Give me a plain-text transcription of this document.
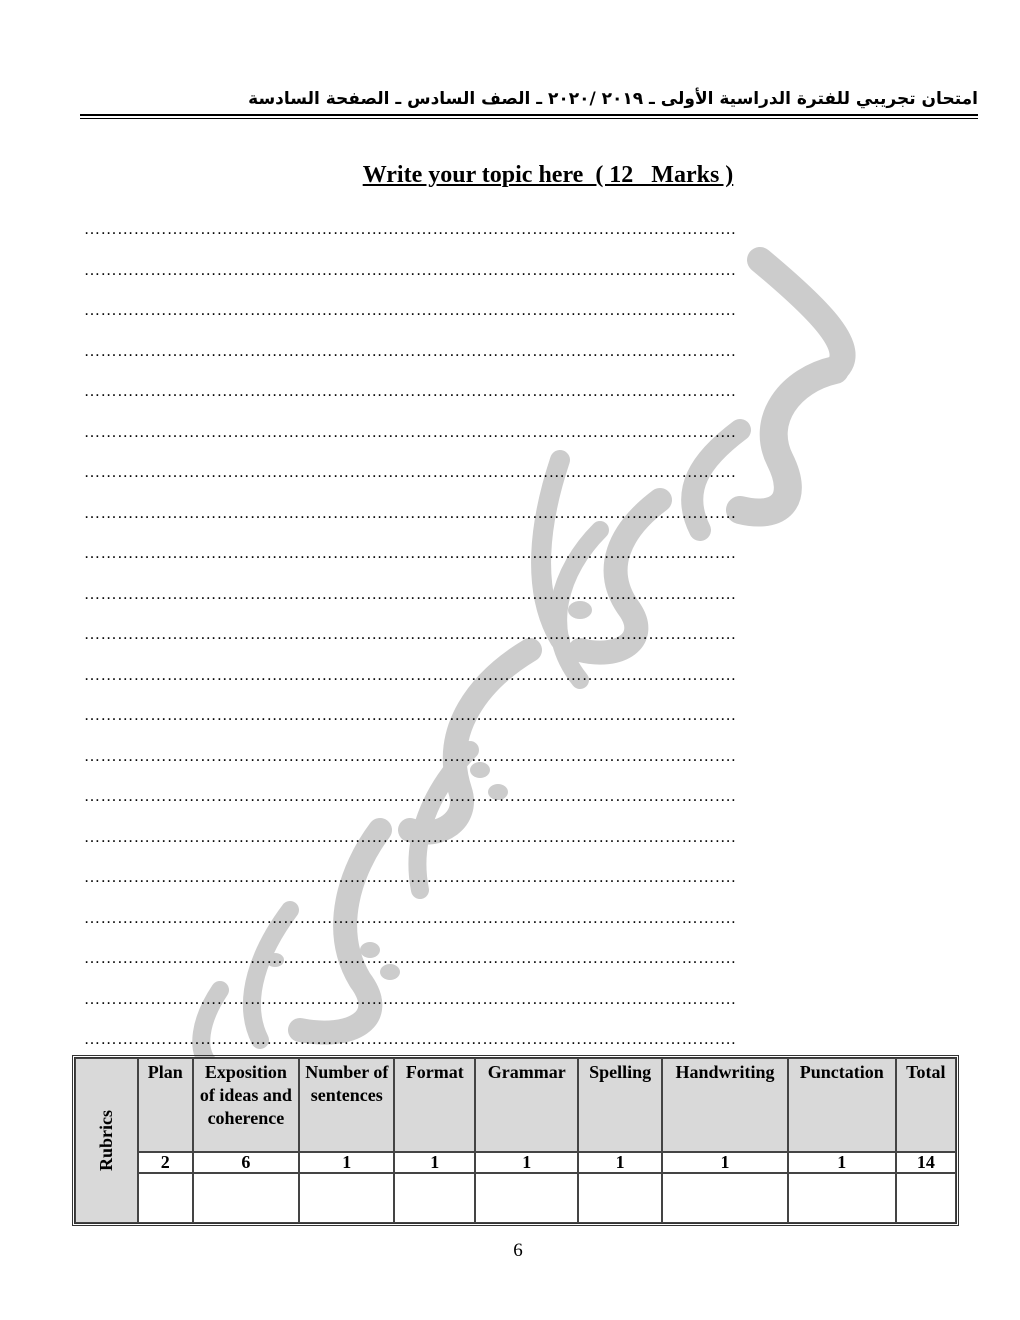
امتحان تجريبي للفترة الدراسية الأولى ـ ٢٠١٩ /٢٠٢٠ ـ الصف السادس ـ الصفحة السادسة
Write your topic here  ( 12   Marks )
……………………………………………………………………………………………………….
……………………………………………………………………………………………………….
……………………………………………………………………………………………………….
……………………………………………………………………………………………………….
……………………………………………………………………………………………………….
……………………………………………………………………………………………………….
……………………………………………………………………………………………………….
……………………………………………………………………………………………………….
……………………………………………………………………………………………………….
……………………………………………………………………………………………………….
……………………………………………………………………………………………………….
……………………………………………………………………………………………………….
……………………………………………………………………………………………………….
……………………………………………………………………………………………………….
……………………………………………………………………………………………………….
……………………………………………………………………………………………………….
……………………………………………………………………………………………………….
……………………………………………………………………………………………………….
……………………………………………………………………………………………………….
……………………………………………………………………………………………………….
……………………………………………………………………………………………………….
Rubrics	Plan	Exposition of ideas and coherence	Number of sentences	Format	Grammar	Spelling	Handwriting	Punctation	Total
	2	6	1	1	1	1	1	1	14

6
